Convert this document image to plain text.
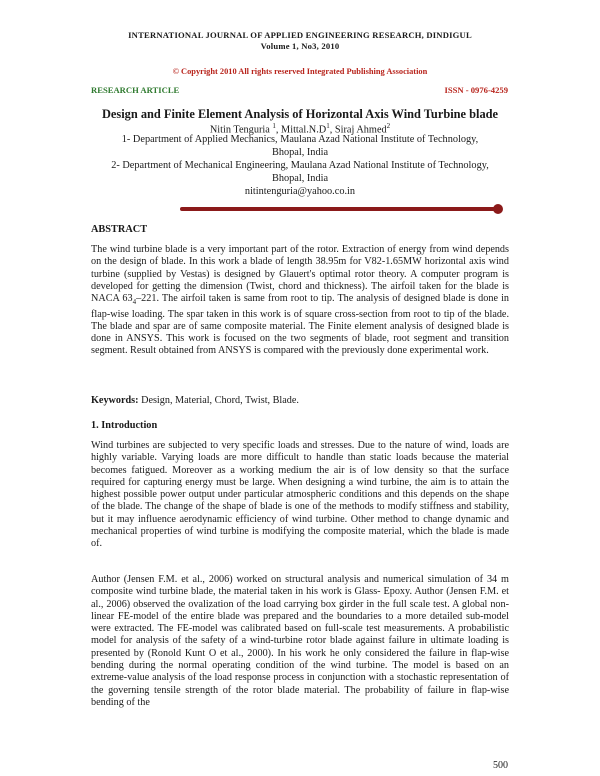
INTERNATIONAL JOURNAL OF APPLIED ENGINEERING RESEARCH, DINDIGUL
Volume 1, No3, 2010
© Copyright 2010 All rights reserved Integrated Publishing Association
RESEARCH ARTICLE	ISSN - 0976-4259
Design and Finite Element Analysis of Horizontal Axis Wind Turbine blade
Nitin Tenguria $^1$, $Mittal.N.D^1$, Siraj Ahmed$^2$
1- Department of Applied Mechanics, Maulana Azad National Institute of Technology,
Bhopal, India
2- Department of Mechanical Engineering, Maulana Azad National Institute of Technology,
Bhopal, India
nitintenguria@yahoo.co.in
ABSTRACT
The wind turbine blade is a very important part of the rotor. Extraction of energy from wind depends on the design of blade. In this work a blade of length 38.95m for V82-1.65MW horizontal axis wind turbine (supplied by Vestas) is designed by Glauert's optimal rotor theory. A computer program is developed for getting the dimension (Twist, chord and thickness). The airfoil taken for the blade is NACA $63_4-221$. The airfoil taken is same from root to tip. The analysis of designed blade is done in flap-wise loading. The spar taken in this work is of square cross-section from root to tip of the blade. The blade and spar are of same composite material. The Finite element analysis of designed blade is done in ANSYS. This work is focused on the two segments of blade, root segment and transition segment. Result obtained from ANSYS is compared with the previously done experimental work.
Keywords: Design, Material, Chord, Twist, Blade.
1. Introduction
Wind turbines are subjected to very specific loads and stresses. Due to the nature of wind, loads are highly variable. Varying loads are more difficult to handle than static loads because the material becomes fatigued. Moreover as a working medium the air is of low density so that the surface required for capturing energy must be large. When designing a wind turbine, the aim is to attain the highest possible power output under particular atmospheric conditions and this depends on the shape of the blade. The change of the shape of blade is one of the methods to modify stiffness and stability, but it may influence aerodynamic efficiency of wind turbine. Other method to change dynamic and mechanical properties of wind turbine is modifying the composite material, which the blade is made of.
Author (Jensen F.M. et al., 2006) worked on structural analysis and numerical simulation of 34 m composite wind turbine blade, the material taken in his work is Glass- Epoxy. Author (Jensen F.M. et al., 2006) observed the ovalization of the load carrying box girder in the full scale test. A global non-linear FE-model of the entire blade was prepared and the boundaries to a more detailed sub-model were extracted. The FE-model was calibrated based on full-scale test measurements. A probabilistic model for analysis of the safety of a wind-turbine rotor blade against failure in ultimate loading is presented by (Ronold Kunt O et al., 2000). In his work he only considered the failure in flap-wise bending during the normal operating condition of the wind turbine. The model is based on an extreme-value analysis of the load response process in conjunction with a stochastic representation of the governing tensile strength of the rotor blade material. The probability of failure in flap-wise bending of the
500
